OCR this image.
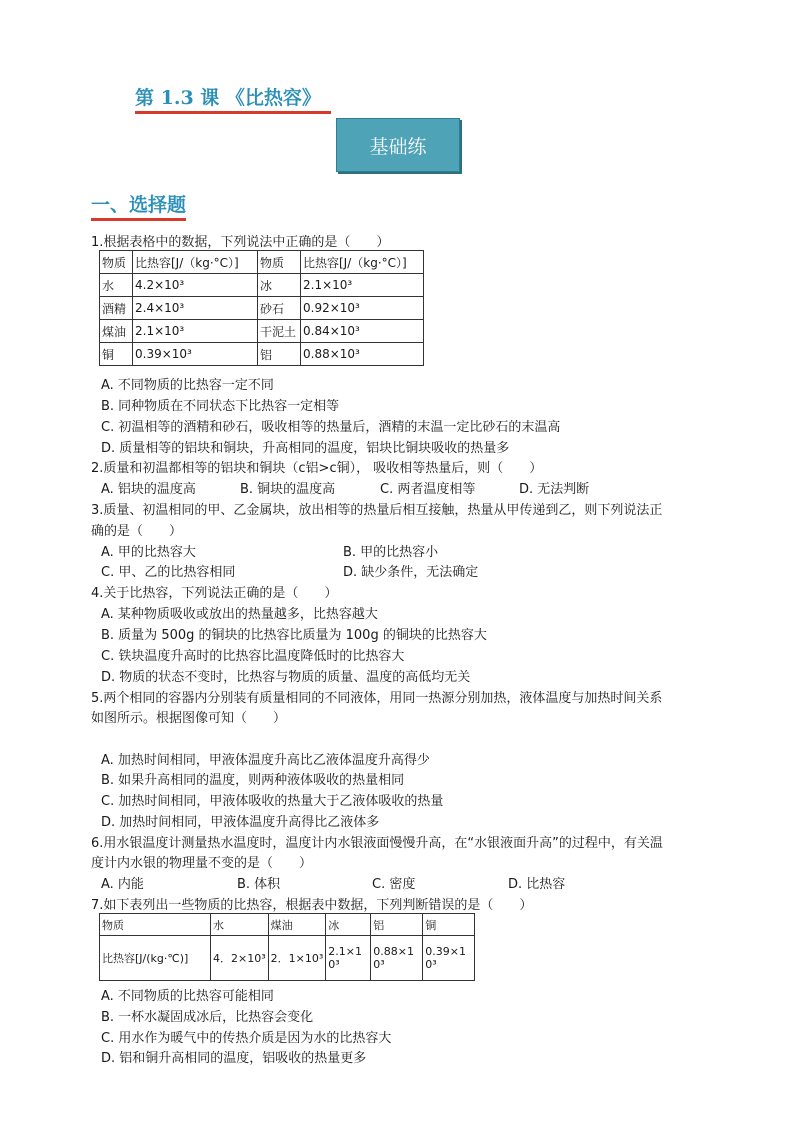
第 1.3 课 《比热容》
基础练
一、选择题
1.根据表格中的数据，下列说法中正确的是（　　）
物质	比热容[J/（kg·°C）]	物质	比热容[J/（kg·°C）]
水	4.2×10³	冰	2.1×10³
酒精	2.4×10³	砂石	0.92×10³
煤油	2.1×10³	干泥土	0.84×10³
铜	0.39×10³	铝	0.88×10³
A. 不同物质的比热容一定不同
B. 同种物质在不同状态下比热容一定相等
C. 初温相等的酒精和砂石，吸收相等的热量后，酒精的末温一定比砂石的末温高
D. 质量相等的铝块和铜块，升高相同的温度，铝块比铜块吸收的热量多
2.质量和初温都相等的铝块和铜块（c铝>c铜）， 吸收相等热量后，则（　　）
A. 铝块的温度高	B. 铜块的温度高	C. 两者温度相等	D. 无法判断
3.质量、初温相同的甲、乙金属块，放出相等的热量后相互接触，热量从甲传递到乙，则下列说法正
确的是（　　）
A. 甲的比热容大	B. 甲的比热容小
C. 甲、乙的比热容相同	D. 缺少条件，无法确定
4.关于比热容，下列说法正确的是（　　）
A. 某种物质吸收或放出的热量越多，比热容越大
B. 质量为 500g 的铜块的比热容比质量为 100g 的铜块的比热容大
C. 铁块温度升高时的比热容比温度降低时的比热容大
D. 物质的状态不变时，比热容与物质的质量、温度的高低均无关
5.两个相同的容器内分别装有质量相同的不同液体，用同一热源分别加热，液体温度与加热时间关系
如图所示。根据图像可知（　　）
A. 加热时间相同，甲液体温度升高比乙液体温度升高得少
B. 如果升高相同的温度，则两种液体吸收的热量相同
C. 加热时间相同，甲液体吸收的热量大于乙液体吸收的热量
D. 加热时间相同，甲液体温度升高得比乙液体多
6.用水银温度计测量热水温度时，温度计内水银液面慢慢升高，在“水银液面升高”的过程中，有关温
度计内水银的物理量不变的是（　　）
A. 内能	B. 体积	C. 密度	D. 比热容
7.如下表列出一些物质的比热容，根据表中数据，下列判断错误的是（　　）
物质	水	煤油	冰	铝	铜
比热容[J/(kg·℃)]	4．2×10³	2．1×10³	2.1×10³	0.88×10³	0.39×10³
A. 不同物质的比热容可能相同
B. 一杯水凝固成冰后，比热容会变化
C. 用水作为暖气中的传热介质是因为水的比热容大
D. 铝和铜升高相同的温度，铝吸收的热量更多
